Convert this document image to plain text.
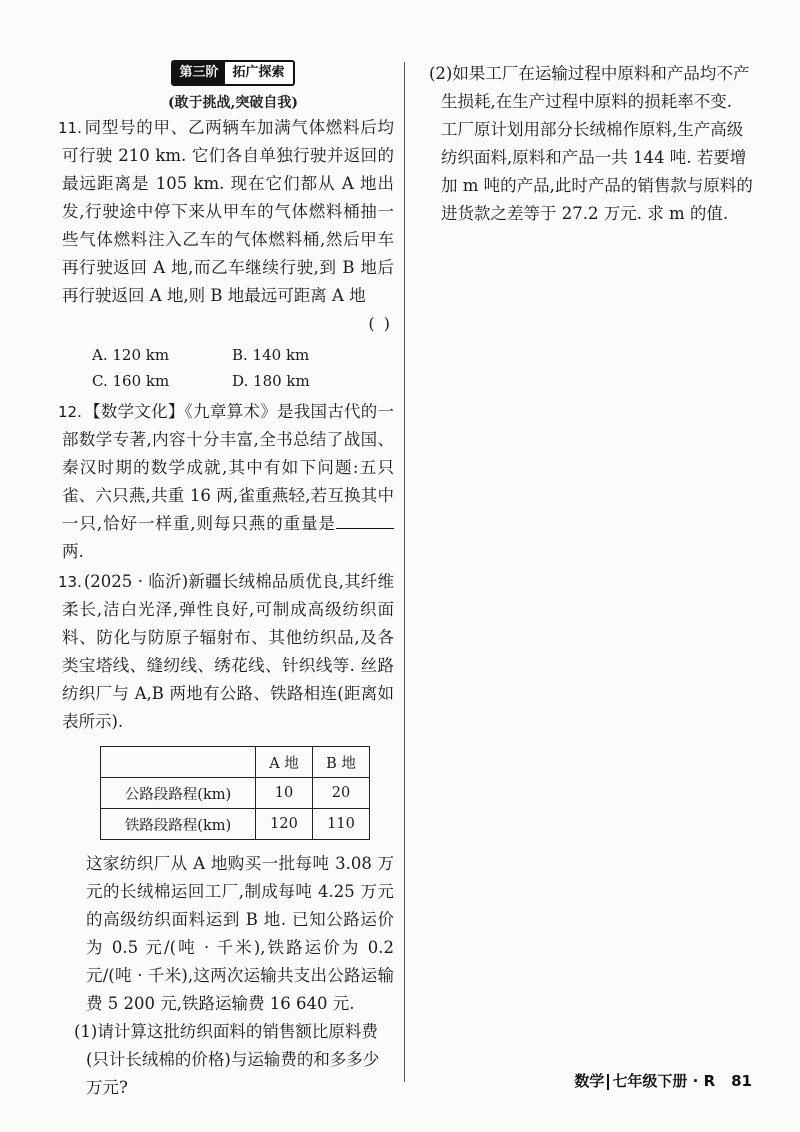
第三阶	拓广探索
(敢于挑战,突破自我)
11. 同型号的甲、乙两辆车加满气体燃料后均可行驶 210 km. 它们各自单独行驶并返回的最远距离是 105 km. 现在它们都从 A 地出发,行驶途中停下来从甲车的气体燃料桶抽一些气体燃料注入乙车的气体燃料桶,然后甲车再行驶返回 A 地,而乙车继续行驶,到 B 地后再行驶返回 A 地,则 B 地最远可距离 A 地
( )
A. 120 km	B. 140 km
C. 160 km	D. 180 km
12. 【数学文化】《九章算术》是我国古代的一部数学专著,内容十分丰富,全书总结了战国、秦汉时期的数学成就,其中有如下问题:五只雀、六只燕,共重 16 两,雀重燕轻,若互换其中一只,恰好一样重,则每只燕的重量是两.
13. (2025 · 临沂)新疆长绒棉品质优良,其纤维柔长,洁白光泽,弹性良好,可制成高级纺织面料、防化与防原子辐射布、其他纺织品,及各类宝塔线、缝纫线、绣花线、针织线等. 丝路纺织厂与 A,B 两地有公路、铁路相连(距离如表所示).
	A 地	B 地
公路段路程(km)	10	20
铁路段路程(km)	120	110
这家纺织厂从 A 地购买一批每吨 3.08 万元的长绒棉运回工厂,制成每吨 4.25 万元的高级纺织面料运到 B 地. 已知公路运价为 0.5 元/(吨 · 千米),铁路运价为 0.2 元/(吨 · 千米),这两次运输共支出公路运输费 5 200 元,铁路运输费 16 640 元.
(1)请计算这批纺织面料的销售额比原料费(只计长绒棉的价格)与运输费的和多多少万元?
(2)如果工厂在运输过程中原料和产品均不产生损耗,在生产过程中原料的损耗率不变. 工厂原计划用部分长绒棉作原料,生产高级纺织面料,原料和产品一共 144 吨. 若要增加 m 吨的产品,此时产品的销售款与原料的进货款之差等于 27.2 万元. 求 m 的值.
数学 七年级下册 · R 81
